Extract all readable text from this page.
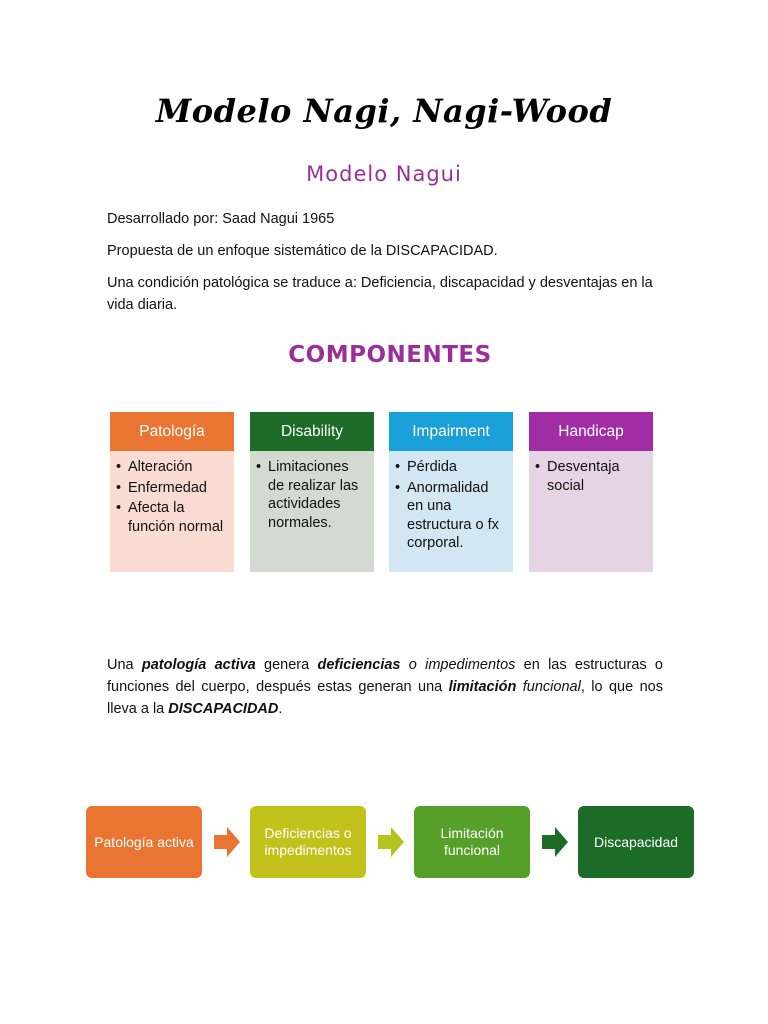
Modelo Nagi, Nagi-Wood
Modelo Nagui

Desarrollado por: Saad Nagui 1965

Propuesta de un enfoque sistemático de la DISCAPACIDAD.

Una condición patológica se traduce a: Deficiencia, discapacidad y desventajas en la vida diaria.

COMPONENTES
Patología
• Alteración
• Enfermedad
• Afecta la función normal
Disability
• Limitaciones de realizar las actividades normales.
Impairment
• Pérdida
• Anormalidad en una estructura o fx corporal.
Handicap
• Desventaja social

Una patología activa genera deficiencias o impedimentos en las estructuras o funciones del cuerpo, después estas generan una limitación funcional, lo que nos lleva a la DISCAPACIDAD.

Patología activa
Deficiencias o impedimentos
Limitación funcional
Discapacidad
